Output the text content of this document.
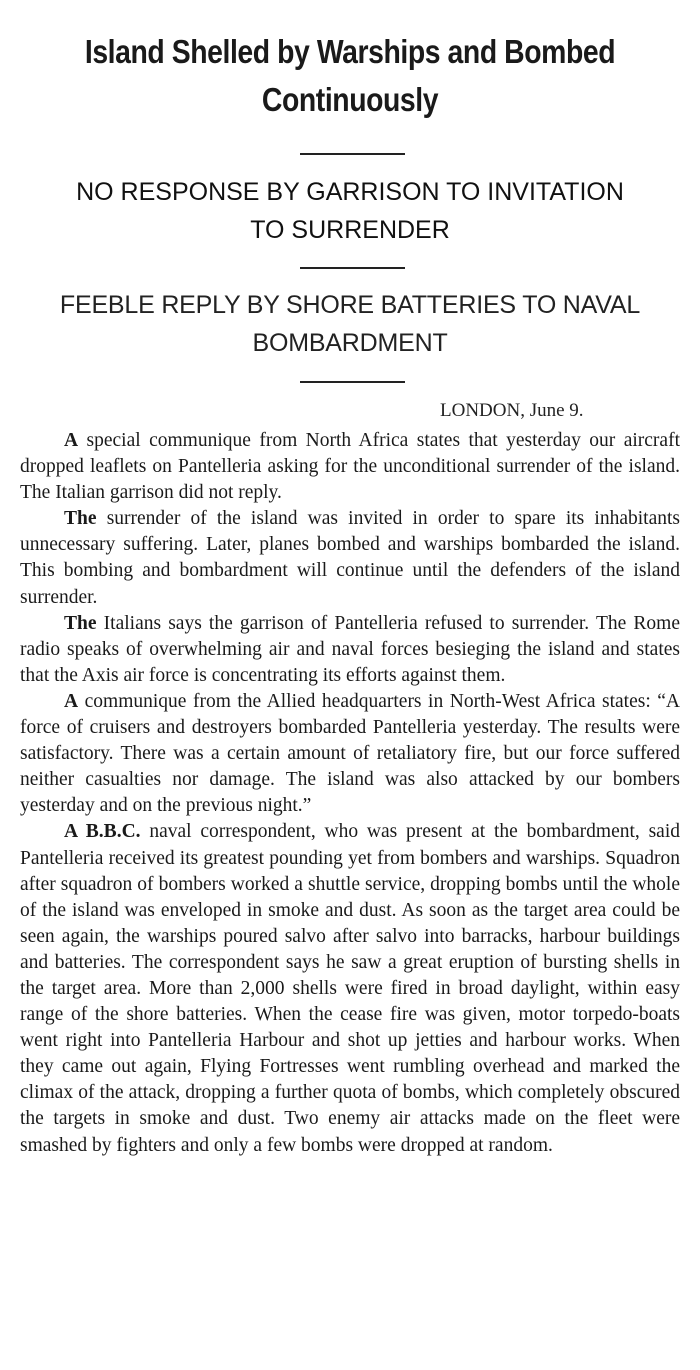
Island Shelled by Warships and Bombed
Continuously
NO RESPONSE BY GARRISON TO INVITATION
TO SURRENDER
FEEBLE REPLY BY SHORE BATTERIES TO NAVAL
BOMBARDMENT
LONDON, June 9.

A special communique from North Africa states that yesterday our aircraft dropped leaflets on Pantelleria asking for the unconditional surrender of the island. The Italian garrison did not reply.

The surrender of the island was invited in order to spare its inhabitants unnecessary suffering. Later, planes bombed and warships bombarded the island. This bombing and bombardment will continue until the defenders of the island surrender.

The Italians says the garrison of Pantelleria refused to surrender. The Rome radio speaks of overwhelming air and naval forces besieging the island and states that the Axis air force is concentrating its efforts against them.

A communique from the Allied headquarters in North-West Africa states: “A force of cruisers and destroyers bombarded Pantelleria yesterday. The results were satisfactory. There was a certain amount of retaliatory fire, but our force suffered neither casualties nor damage. The island was also attacked by our bombers yesterday and on the previous night.”

A B.B.C. naval correspondent, who was present at the bombardment, said Pantelleria received its greatest pounding yet from bombers and warships. Squadron after squadron of bombers worked a shuttle service, dropping bombs until the whole of the island was enveloped in smoke and dust. As soon as the target area could be seen again, the warships poured salvo after salvo into barracks, harbour buildings and batteries. The correspondent says he saw a great eruption of bursting shells in the target area. More than 2,000 shells were fired in broad daylight, within easy range of the shore batteries. When the cease fire was given, motor torpedo-boats went right into Pantelleria Harbour and shot up jetties and harbour works. When they came out again, Flying Fortresses went rumbling overhead and marked the climax of the attack, dropping a further quota of bombs, which completely obscured the targets in smoke and dust. Two enemy air attacks made on the fleet were smashed by fighters and only a few bombs were dropped at random.
